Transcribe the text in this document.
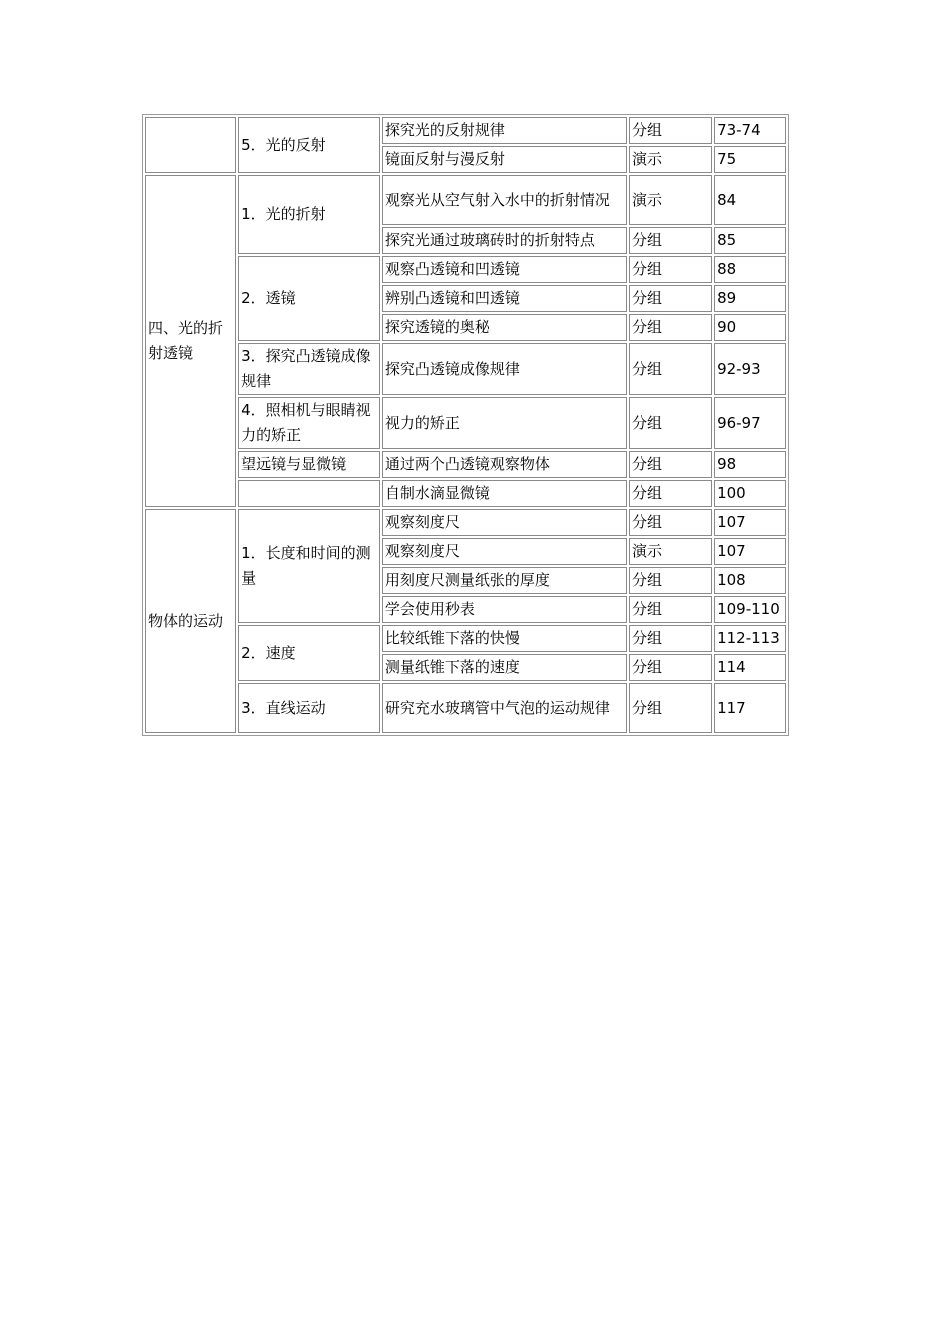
	5．光的反射	探究光的反射规律	分组	73-74
		镜面反射与漫反射	演示	75
四、光的折射透镜	1．光的折射	观察光从空气射入水中的折射情况	演示	84
		探究光通过玻璃砖时的折射特点	分组	85
	2．透镜	观察凸透镜和凹透镜	分组	88
		辨别凸透镜和凹透镜	分组	89
		探究透镜的奥秘	分组	90
	3．探究凸透镜成像规律	探究凸透镜成像规律	分组	92-93
	4．照相机与眼睛视力的矫正	视力的矫正	分组	96-97
	望远镜与显微镜	通过两个凸透镜观察物体	分组	98
		自制水滴显微镜	分组	100
物体的运动	1．长度和时间的测量	观察刻度尺	分组	107
		观察刻度尺	演示	107
		用刻度尺测量纸张的厚度	分组	108
		学会使用秒表	分组	109-110
	2．速度	比较纸锥下落的快慢	分组	112-113
		测量纸锥下落的速度	分组	114
	3．直线运动	研究充水玻璃管中气泡的运动规律	分组	117
